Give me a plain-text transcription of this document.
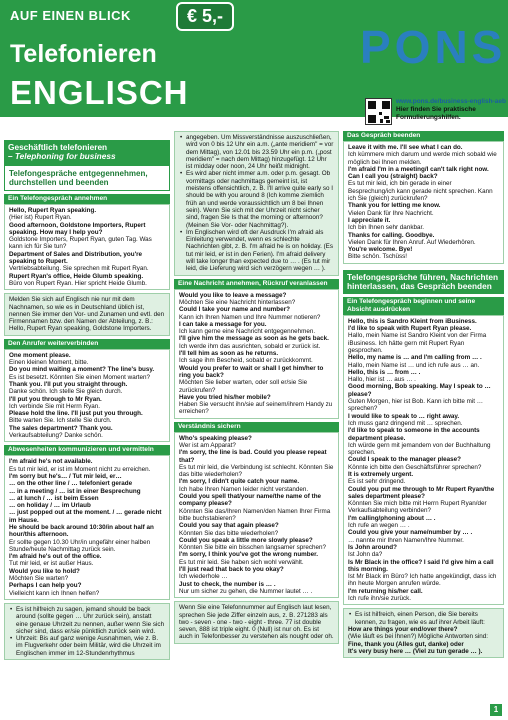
AUF EINEN BLICK	€ 5,-
Telefonieren
ENGLISCH
PONS
www.pons.de/business-english-aeb
Hier finden Sie praktische
Formulierungshilfen.
Geschäftlich telefonieren
– Telephoning for business
Telefongespräche entgegennehmen, durchstellen und beenden
Ein Telefongespräch annehmen
Hello, Rupert Ryan speaking.
(Hier ist) Rupert Ryan.
Good afternoon, Goldstone Importers, Rupert speaking. How may I help you?
Goldstone Importers, Rupert Ryan, guten Tag. Was kann ich für Sie tun?
Department of Sales and Distribution, you're speaking to Rupert.
Vertriebsabteilung. Sie sprechen mit Rupert Ryan.
Rupert Ryan's office, Heide Glumb speaking.
Büro von Rupert Ryan. Hier spricht Heide Glumb.
Melden Sie sich auf Englisch nie nur mit dem Nachnamen, so wie es in Deutschland üblich ist, nennen Sie immer den Vor- und Zunamen und evtl. den Firmennamen bzw. den Namen der Abteilung, z. B.: Hello, Rupert Ryan speaking, Goldstone Importers.
Den Anrufer weiterverbinden
One moment please.
Einen kleinen Moment, bitte.
Do you mind waiting a moment? The line's busy.
Es ist besetzt. Könnten Sie einen Moment warten?
Thank you. I'll put you straight through.
Danke schön. Ich stelle Sie gleich durch.
I'll put you through to Mr Ryan.
Ich verbinde Sie mit Herrn Ryan.
Please hold the line. I'll just put you through.
Bitte warten Sie. Ich stelle Sie durch.
The sales department? Thank you.
Verkaufsabteilung? Danke schön.
Abwesenheiten kommunizieren und vermitteln
I'm afraid he's not available.
Es tut mir leid, er ist im Moment nicht zu erreichen.
I'm sorry but he's… / Tut mir leid, er…
… on the other line / … telefoniert gerade
… in a meeting / … ist in einer Besprechung
… at lunch / … ist beim Essen
… on holiday / … im Urlaub
… just popped out at the moment. / … gerade nicht im Hause.
He should be back around 10:30/in about half an hour/this afternoon.
Er sollte gegen 10.30 Uhr/in ungefähr einer halben Stunde/heute Nachmittag zurück sein.
I'm afraid he's out of the office.
Tut mir leid, er ist außer Haus.
Would you like to hold?
Möchten Sie warten?
Perhaps I can help you?
Vielleicht kann ich Ihnen helfen?
• Es ist hilfreich zu sagen, jemand should be back around (sollte gegen … Uhr zurück sein), anstatt eine genaue Uhrzeit zu nennen, außer wenn Sie sich sicher sind, dass er/sie pünktlich zurück sein wird.
• Uhrzeit: Bis auf ganz wenige Ausnahmen, wie z. B. im Flugverkehr oder beim Militär, wird die Uhrzeit im Englischen immer im 12-Stundenrhythmus
• angegeben. Um Missverständnisse auszuschließen, wird von 0 bis 12 Uhr ein a.m. („ante meridiem" = vor dem Mittag), von 12.01 bis 23.59 Uhr ein p.m. („post meridiem" = nach dem Mittag) hinzugefügt. 12 Uhr ist midday oder noon, 24 Uhr heißt midnight.
• Es wird aber nicht immer a.m. oder p.m. gesagt. Ob vormittags oder nachmittags gemeint ist, ist meistens offensichtlich, z. B. I'll arrive quite early so I should be with you around 8 (Ich komme ziemlich früh an und werde voraussichtlich um 8 bei Ihnen sein). Wenn Sie sich mit der Uhrzeit nicht sicher sind, fragen Sie Is that the morning or afternoon? (Meinen Sie Vor- oder Nachmittag?).
• Im Englischen wird oft der Ausdruck I'm afraid als Einleitung verwendet, wenn es schlechte Nachrichten gibt, z. B. I'm afraid he is on holiday. (Es tut mir leid, er ist in den Ferien). I'm afraid delivery will take longer than expected due to … . (Es tut mir leid, die Lieferung wird sich verzögern wegen … ).
Eine Nachricht annehmen, Rückruf veranlassen
Would you like to leave a message?
Möchten Sie eine Nachricht hinterlassen?
Could I take your name and number?
Kann ich Ihren Namen und Ihre Nummer notieren?
I can take a message for you.
Ich kann gerne eine Nachricht entgegennehmen.
I'll give him the message as soon as he gets back.
Ich werde ihm das ausrichten, sobald er zurück ist.
I'll tell him as soon as he returns.
Ich sage ihm Bescheid, sobald er zurückkommt.
Would you prefer to wait or shall I get him/her to ring you back?
Möchten Sie lieber warten, oder soll er/sie Sie zurückrufen?
Have you tried his/her mobile?
Haben Sie versucht ihn/sie auf seinem/ihrem Handy zu erreichen?
Verständnis sichern
Who's speaking please?
Wer ist am Apparat?
I'm sorry, the line is bad. Could you please repeat that?
Es tut mir leid, die Verbindung ist schlecht. Könnten Sie das bitte wiederholen?
I'm sorry, I didn't quite catch your name.
Ich habe Ihren Namen leider nicht verstanden.
Could you spell that/your name/the name of the company please?
Könnten Sie das/Ihren Namen/den Namen Ihrer Firma bitte buchstabieren?
Could you say that again please?
Könnten Sie das bitte wiederholen?
Could you speak a little more slowly please?
Könnten Sie bitte ein bisschen langsamer sprechen?
I'm sorry, I think you've got the wrong number.
Es tut mir leid. Sie haben sich wohl verwählt.
I'll just read that back to you okay?
Ich wiederhole …
Just to check, the number is … .
Nur um sicher zu gehen, die Nummer lautet … .
Wenn Sie eine Telefonnummer auf Englisch laut lesen, sprechen Sie jede Ziffer einzeln aus, z. B. 271283 als two - seven - one - two - eight - three. 77 ist double seven, 888 ist triple eight. 0 (Null) ist nur oh. Es ist auch in Telefonbesser zu verstehen als nought oder oh.
Das Gespräch beenden
Leave it with me. I'll see what I can do.
Ich kümmere mich darum und werde mich sobald wie möglich bei Ihnen melden.
I'm afraid I'm in a meeting/I can't talk right now. Can I call you (straight) back?
Es tut mir leid, ich bin gerade in einer Besprechung/ich kann gerade nicht sprechen. Kann ich Sie (gleich) zurückrufen?
Thank you for letting me know.
Vielen Dank für Ihre Nachricht.
I appreciate it.
Ich bin Ihnen sehr dankbar.
Thanks for calling. Goodbye.
Vielen Dank für Ihren Anruf. Auf Wiederhören.
You're welcome. Bye!
Bitte schön. Tschüss!
Telefongespräche führen, Nachrichten hinterlassen, das Gespräch beenden
Ein Telefongespräch beginnen und seine Absicht ausdrücken
Hello, this is Sandro Kleint from iBusiness.
I'd like to speak with Rupert Ryan please.
Hallo, mein Name ist Sandro Kleint von der Firma iBusiness. Ich hätte gern mit Rupert Ryan gesprochen.
Hello, my name is … and I'm calling from … .
Hallo, mein Name ist … und ich rufe aus … an.
Hello, this is … from … .
Hallo, hier ist … aus … .
Good morning, Bob speaking. May I speak to … please?
Guten Morgen, hier ist Bob. Kann ich bitte mit … sprechen?
I would like to speak to … right away.
Ich muss ganz dringend mit … sprechen.
I'd like to speak to someone in the accounts department please.
Ich würde gern mit jemandem von der Buchhaltung sprechen.
Could I speak to the manager please?
Könnte ich bitte den Geschäftsführer sprechen?
It is extremely urgent.
Es ist sehr dringend.
Could you put me through to Mr Rupert Ryan/the sales department please?
Könnten Sie mich bitte mit Herrn Rupert Ryan/der Verkaufsabteilung verbinden?
I'm calling/phoning about … .
Ich rufe an wegen … .
Could you give your name/number by … .
… nannte mir Ihren Namen/Ihre Nummer.
Is John around?
Ist John da?
Is Mr Black in the office? I said I'd give him a call this morning.
Ist Mr Black im Büro? Ich hatte angekündigt, dass ich ihn heute Morgen anrufen würde.
I'm returning his/her call.
Ich rufe ihn/sie zurück.
• Es ist hilfreich, einen Person, die Sie bereits kennen, zu fragen, wie es auf ihrer Arbeit läuft:
How are things your end/over there?
(Wie läuft es bei Ihnen?) Mögliche Antworten sind:
Fine, thank you (Alles gut, danke) oder
It's very busy here … (Viel zu tun gerade … ).
1
